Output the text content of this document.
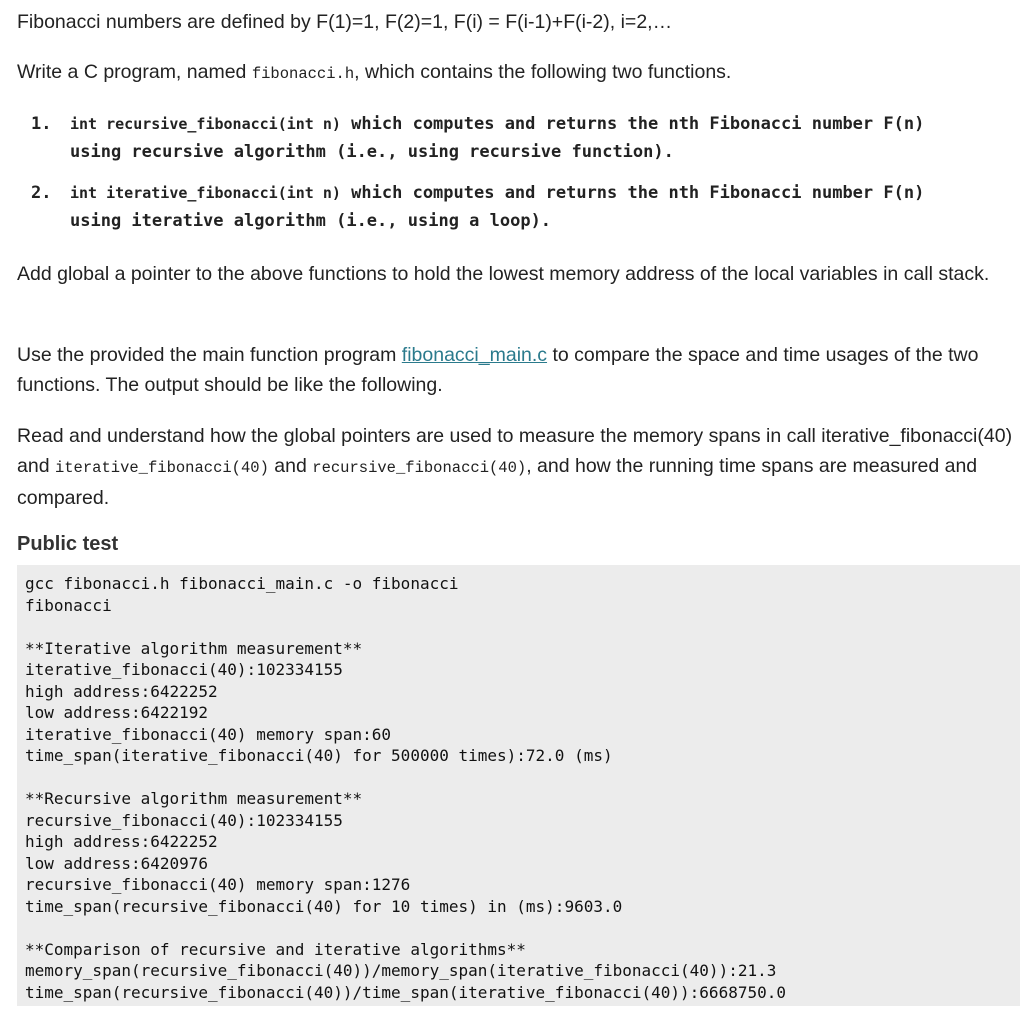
Fibonacci numbers are defined by F(1)=1, F(2)=1, F(i) = F(i-1)+F(i-2), i=2,…

Write a C program, named fibonacci.h, which contains the following two functions.

1. int recursive_fibonacci(int n) which computes and returns the nth Fibonacci number F(n)
using recursive algorithm (i.e., using recursive function).
2. int iterative_fibonacci(int n) which computes and returns the nth Fibonacci number F(n)
using iterative algorithm (i.e., using a loop).

Add global a pointer to the above functions to hold the lowest memory address of the local variables in call stack.

Use the provided the main function program fibonacci_main.c to compare the space and time usages of the two functions. The output should be like the following.

Read and understand how the global pointers are used to measure the memory spans in call iterative_fibonacci(40) and iterative_fibonacci(40) and recursive_fibonacci(40), and how the running time spans are measured and compared.

Public test
gcc fibonacci.h fibonacci_main.c -o fibonacci
fibonacci
**Iterative algorithm measurement**
iterative_fibonacci(40):102334155
high address:6422252
low address:6422192
iterative_fibonacci(40) memory span:60
time_span(iterative_fibonacci(40) for 500000 times):72.0 (ms)
**Recursive algorithm measurement**
recursive_fibonacci(40):102334155
high address:6422252
low address:6420976
recursive_fibonacci(40) memory span:1276
time_span(recursive_fibonacci(40) for 10 times) in (ms):9603.0
**Comparison of recursive and iterative algorithms**
memory_span(recursive_fibonacci(40))/memory_span(iterative_fibonacci(40)):21.3
time_span(recursive_fibonacci(40))/time_span(iterative_fibonacci(40)):6668750.0
